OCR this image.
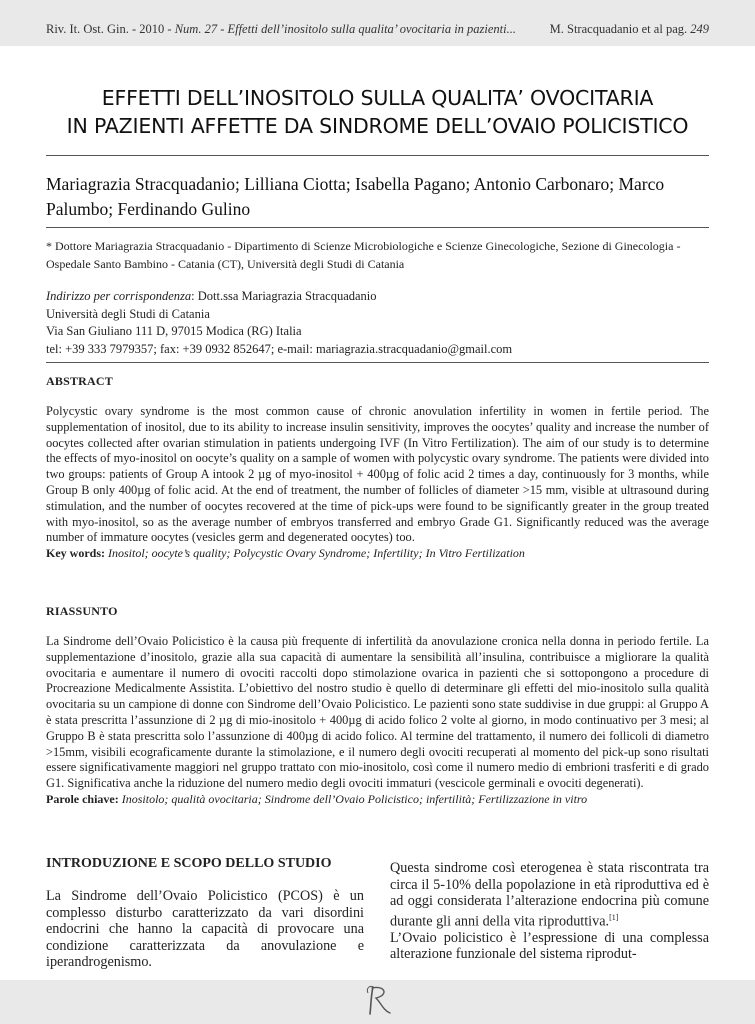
Riv. It. Ost. Gin. - 2010 - Num. 27 - Effetti dell’inositolo sulla qualita’ ovocitaria in pazienti...	M. Stracquadanio et al pag. 249
EFFETTI DELL’INOSITOLO SULLA QUALITA’ OVOCITARIA
IN PAZIENTI AFFETTE DA SINDROME DELL’OVAIO POLICISTICO
Mariagrazia Stracquadanio; Lilliana Ciotta; Isabella Pagano; Antonio Carbonaro; Marco Palumbo; Ferdinando Gulino
* Dottore Mariagrazia Stracquadanio - Dipartimento di Scienze Microbiologiche e Scienze Ginecologiche, Sezione di Ginecologia - Ospedale Santo Bambino - Catania (CT), Università degli Studi di Catania
Indirizzo per corrispondenza: Dott.ssa Mariagrazia Stracquadanio
Università degli Studi di Catania
Via San Giuliano 111 D, 97015 Modica (RG) Italia
tel: +39 333 7979357; fax: +39 0932 852647; e-mail: mariagrazia.stracquadanio@gmail.com
ABSTRACT
Polycystic ovary syndrome is the most common cause of chronic anovulation infertility in women in fertile period. The supplementation of inositol, due to its ability to increase insulin sensitivity, improves the oocytes’ quality and increase the number of oocytes collected after ovarian stimulation in patients undergoing IVF (In Vitro Fertilization). The aim of our study is to determine the effects of myo-inositol on oocyte’s quality on a sample of women with polycystic ovary syndrome. The patients were divided into two groups: patients of Group A intook 2 µg of myo-inositol + 400µg of folic acid 2 times a day, continuously for 3 months, while Group B only 400µg of folic acid. At the end of treatment, the number of follicles of diameter >15 mm, visible at ultrasound during stimulation, and the number of oocytes recovered at the time of pick-ups were found to be significantly greater in the group treated with myo-inositol, so as the average number of embryos transferred and embryo Grade G1. Significantly reduced was the average number of immature oocytes (vesicles germ and degenerated oocytes) too.
Key words: Inositol; oocyte’s quality; Polycystic Ovary Syndrome; Infertility; In Vitro Fertilization
RIASSUNTO
La Sindrome dell’Ovaio Policistico è la causa più frequente di infertilità da anovulazione cronica nella donna in periodo fertile. La supplementazione d’inositolo, grazie alla sua capacità di aumentare la sensibilità all’insulina, contribuisce a migliorare la qualità ovocitaria e aumentare il numero di ovociti raccolti dopo stimolazione ovarica in pazienti che si sottopongono a procedure di Procreazione Medicalmente Assistita. L’obiettivo del nostro studio è quello di determinare gli effetti del mio-inositolo sulla qualità ovocitaria su un campione di donne con Sindrome dell’Ovaio Policistico. Le pazienti sono state suddivise in due gruppi: al Gruppo A è stata prescritta l’assunzione di 2 µg di mio-inositolo + 400µg di acido folico 2 volte al giorno, in modo continuativo per 3 mesi; al Gruppo B è stata prescritta solo l’assunzione di 400µg di acido folico. Al termine del trattamento, il numero dei follicoli di diametro >15mm, visibili ecograficamente durante la stimolazione, e il numero degli ovociti recuperati al momento del pick-up sono risultati essere significativamente maggiori nel gruppo trattato con mio-inositolo, così come il numero medio di embrioni trasferiti e di grado G1. Significativa anche la riduzione del numero medio degli ovociti immaturi (vescicole germinali e ovociti degenerati).
Parole chiave: Inositolo; qualità ovocitaria; Sindrome dell’Ovaio Policistico; infertilità; Fertilizzazione in vitro
INTRODUZIONE E SCOPO DELLO STUDIO
La Sindrome dell’Ovaio Policistico (PCOS) è un complesso disturbo caratterizzato da vari disordini endocrini che hanno la capacità di provocare una condizione caratterizzata da anovulazione e iperandrogenismo.
Questa sindrome così eterogenea è stata riscontrata tra circa il 5-10% della popolazione in età riproduttiva ed è ad oggi considerata l’alterazione endocrina più comune durante gli anni della vita riproduttiva.[1]
L’Ovaio policistico è l’espressione di una complessa alterazione funzionale del sistema riprodut-
